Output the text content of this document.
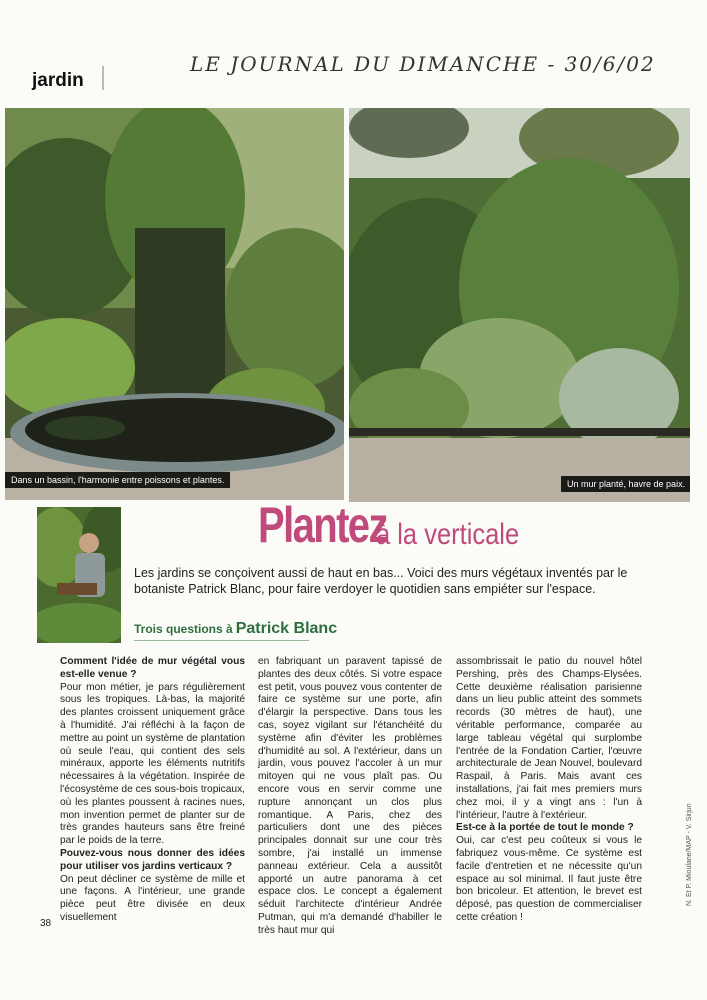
jardin
LE JOURNAL DU DIMANCHE - 30/6/02
Dans un bassin, l'harmonie entre poissons et plantes.	Un mur planté, havre de paix.
Plantez
à la verticale
Les jardins se conçoivent aussi de haut en bas... Voici des murs végétaux inventés par le botaniste Patrick Blanc, pour faire verdoyer le quotidien sans empiéter sur l'espace.
Trois questions à Patrick Blanc

Comment l'idée de mur végétal vous est-elle venue ?

Pour mon métier, je pars régulièrement sous les tropiques. Là-bas, la majorité des plantes croissent uniquement grâce à l'humidité. J'ai réfléchi à la façon de mettre au point un système de plantation où seule l'eau, qui contient des sels minéraux, apporte les éléments nutritifs nécessaires à la végétation. Inspirée de l'écosystème de ces sous-bois tropicaux, où les plantes poussent à racines nues, mon invention permet de planter sur de très grandes hauteurs sans être freiné par le poids de la terre.

Pouvez-vous nous donner des idées pour utiliser vos jardins verticaux ?

On peut décliner ce système de mille et une façons. A l'intérieur, une grande pièce peut être divisée en deux visuellement

en fabriquant un paravent tapissé de plantes des deux côtés. Si votre espace est petit, vous pouvez vous contenter de faire ce système sur une porte, afin d'élargir la perspective. Dans tous les cas, soyez vigilant sur l'étanchéité du système afin d'éviter les problèmes d'humidité au sol. A l'extérieur, dans un jardin, vous pouvez l'accoler à un mur mitoyen qui ne vous plaît pas. Ou encore vous en servir comme une rupture annonçant un clos plus romantique. A Paris, chez des particuliers dont une des pièces principales donnait sur une cour très sombre, j'ai installé un immense panneau extérieur. Cela a aussitôt apporté un autre panorama à cet espace clos. Le concept a également séduit l'architecte d'intérieur Andrée Putman, qui m'a demandé d'habiller le très haut mur qui

assombrissait le patio du nouvel hôtel Pershing, près des Champs-Elysées. Cette deuxième réalisation parisienne dans un lieu public atteint des sommets records (30 mètres de haut), une véritable performance, comparée au large tableau végétal qui surplombe l'entrée de la Fondation Cartier, l'œuvre architecturale de Jean Nouvel, boulevard Raspail, à Paris. Mais avant ces installations, j'ai fait mes premiers murs chez moi, il y a vingt ans : l'un à l'intérieur, l'autre à l'extérieur.

Est-ce à la portée de tout le monde ?

Oui, car c'est peu coûteux si vous le fabriquez vous-même. Ce système est facile d'entretien et ne nécessite qu'un espace au sol minimal. Il faut juste être bon bricoleur. Et attention, le brevet est déposé, pas question de commercialiser cette création !

38
N. Et P. Mioulane/MAP - V. Sirjun
